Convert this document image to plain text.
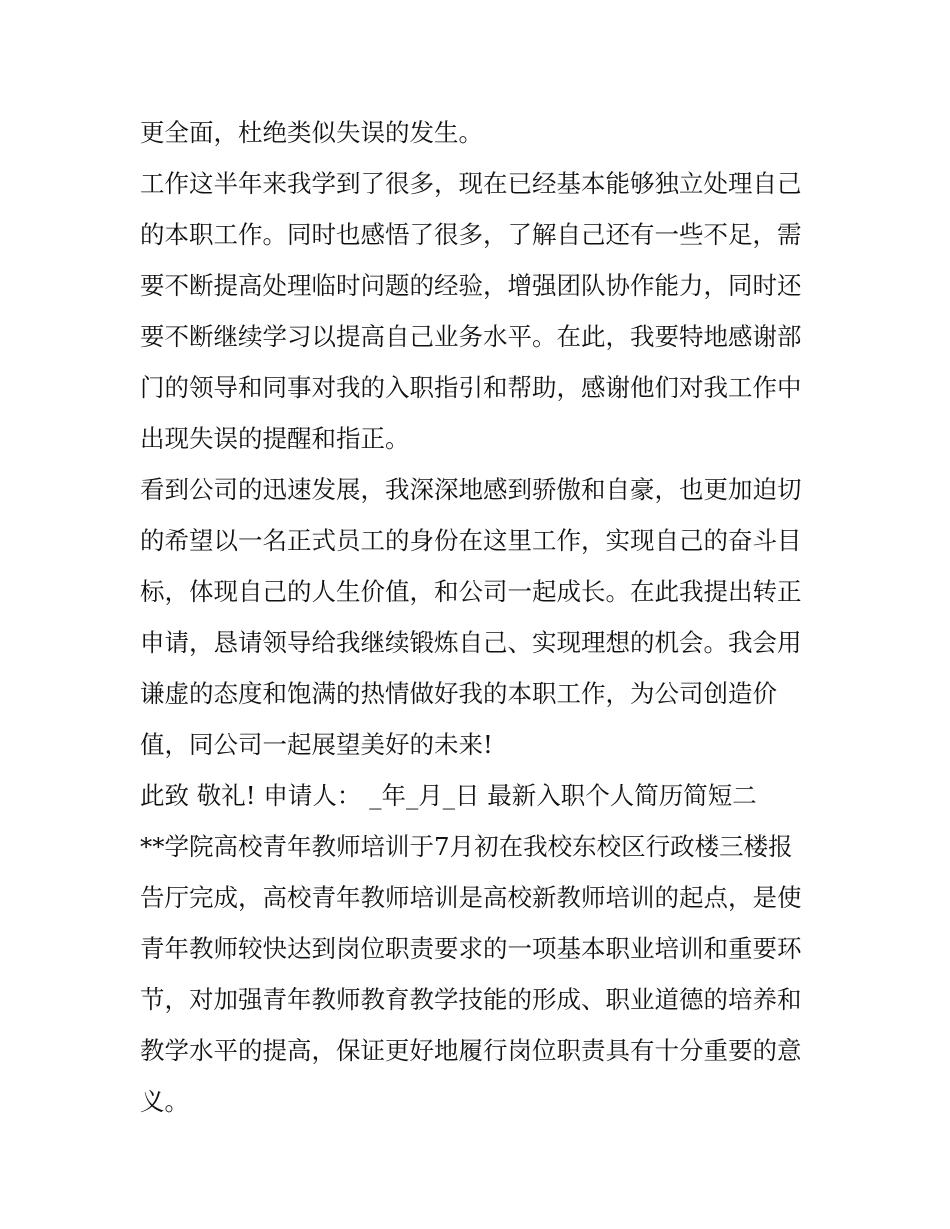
更全面，杜绝类似失误的发生。
工作这半年来我学到了很多，现在已经基本能够独立处理自己
的本职工作。同时也感悟了很多，了解自己还有一些不足，需
要不断提高处理临时问题的经验，增强团队协作能力，同时还
要不断继续学习以提高自己业务水平。在此，我要特地感谢部
门的领导和同事对我的入职指引和帮助，感谢他们对我工作中
出现失误的提醒和指正。
看到公司的迅速发展，我深深地感到骄傲和自豪，也更加迫切
的希望以一名正式员工的身份在这里工作，实现自己的奋斗目
标，体现自己的人生价值，和公司一起成长。在此我提出转正
申请，恳请领导给我继续锻炼自己、实现理想的机会。我会用
谦虚的态度和饱满的热情做好我的本职工作，为公司创造价
值，同公司一起展望美好的未来!
此致 敬礼! 申请人： _年_月_日 最新入职个人简历简短二
**学院高校青年教师培训于7月初在我校东校区行政楼三楼报
告厅完成，高校青年教师培训是高校新教师培训的起点，是使
青年教师较快达到岗位职责要求的一项基本职业培训和重要环
节，对加强青年教师教育教学技能的形成、职业道德的培养和
教学水平的提高，保证更好地履行岗位职责具有十分重要的意
义。
